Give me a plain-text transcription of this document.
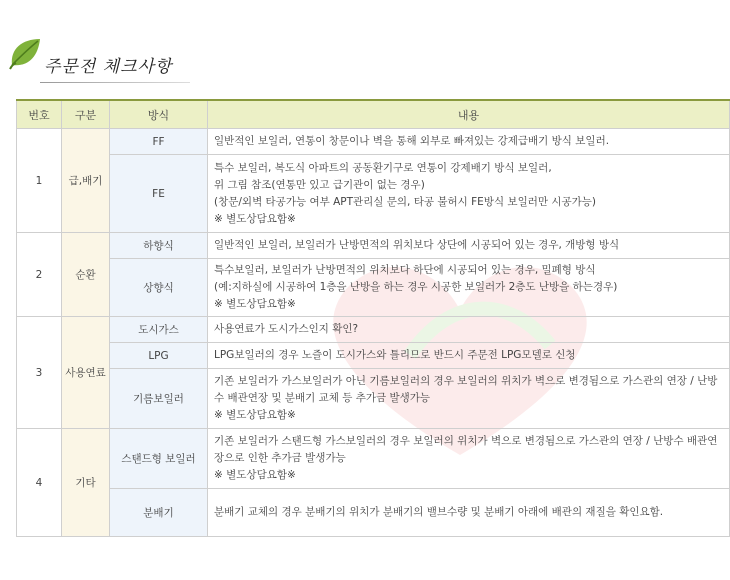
주문전 체크사항
번호	구분	방식	내용
1	급,배기	FF	일반적인 보일러, 연통이 창문이나 벽을 통해 외부로 빠져있는 강제급배기 방식 보일러.

		FE	특수 보일러, 복도식 아파트의 공동환기구로 연통이 강제배기 방식 보일러,
위 그림 참조(연통만 있고 급기관이 없는 경우)
(창문/외벽 타공가능 여부 APT관리실 문의, 타공 불허시 FE방식 보일러만 시공가능)
※ 별도상담요함※

2	순환	하향식	일반적인 보일러, 보일러가 난방면적의 위치보다 상단에 시공되어 있는 경우, 개방형 방식

		상향식	특수보일러, 보일러가 난방면적의 위치보다 하단에 시공되어 있는 경우, 밀폐형 방식
(예:지하실에 시공하여 1층을 난방을 하는 경우 시공한 보일러가 2층도 난방을 하는경우)
※ 별도상담요함※

3	사용연료	도시가스	사용연료가 도시가스인지 확인?

		LPG	LPG보일러의 경우 노즐이 도시가스와 틀리므로 반드시 주문전 LPG모델로 신청

		기름보일러	기존 보일러가 가스보일러가 아닌 기름보일러의 경우 보일러의 위치가 벽으로 변경됨으로 가스관의 연장 / 난방수 배관연장 및 분배기 교체 등 추가금 발생가능
※ 별도상담요함※

4	기타	스탠드형 보일러	기존 보일러가 스탠드형 가스보일러의 경우 보일러의 위치가 벽으로 변경됨으로 가스관의 연장 / 난방수 배관연장으로 인한 추가금 발생가능
※ 별도상담요함※

		분배기	분배기 교체의 경우 분배기의 위치가 분배기의 밸브수량 및 분배기 아래에 배관의 재질을 확인요함.
